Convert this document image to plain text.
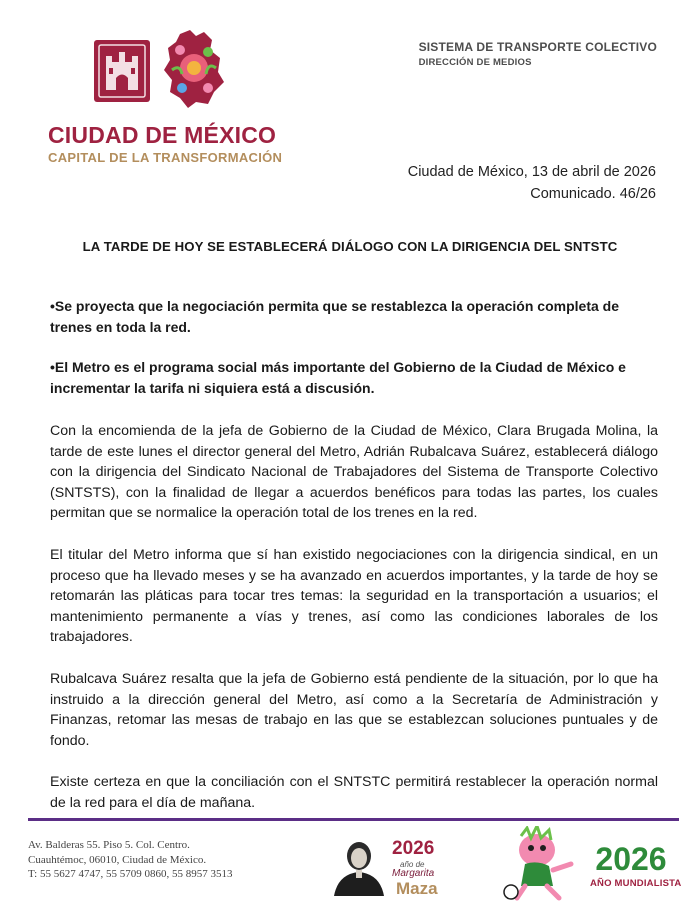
CIUDAD DE MÉXICO
CAPITAL DE LA TRANSFORMACIÓN
SISTEMA DE TRANSPORTE COLECTIVO
DIRECCIÓN DE MEDIOS
Ciudad de México, 13 de abril de 2026
Comunicado. 46/26
LA TARDE DE HOY SE ESTABLECERÁ DIÁLOGO CON LA DIRIGENCIA DEL SNTSTC

•Se proyecta que la negociación permita que se restablezca la operación completa de trenes en toda la red.

•El Metro es el programa social más importante del Gobierno de la Ciudad de México e incrementar la tarifa ni siquiera está a discusión.

Con la encomienda de la jefa de Gobierno de la Ciudad de México, Clara Brugada Molina, la tarde de este lunes el director general del Metro, Adrián Rubalcava Suárez, establecerá diálogo con la dirigencia del Sindicato Nacional de Trabajadores del Sistema de Transporte Colectivo (SNTSTS), con la finalidad de llegar a acuerdos benéficos para todas las partes, los cuales permitan que se normalice la operación total de los trenes en la red.

El titular del Metro informa que sí han existido negociaciones con la dirigencia sindical, en un proceso que ha llevado meses y se ha avanzado en acuerdos importantes, y la tarde de hoy se retomarán las pláticas para tocar tres temas: la seguridad en la transportación a usuarios; el mantenimiento permanente a vías y trenes, así como las condiciones laborales de los trabajadores.

Rubalcava Suárez resalta que la jefa de Gobierno está pendiente de la situación, por lo que ha instruido a la dirección general del Metro, así como a la Secretaría de Administración y Finanzas, retomar las mesas de trabajo en las que se establezcan soluciones puntuales y de fondo.

Existe certeza en que la conciliación con el SNTSTC permitirá restablecer la operación normal de la red para el día de mañana.

Av. Balderas 55. Piso 5. Col. Centro.
Cuauhtémoc, 06010, Ciudad de México.
T: 55 5627 4747, 55 5709 0860, 55 8957 3513
2026
año de
Margarita
Maza
2026
AÑO MUNDIALISTA
